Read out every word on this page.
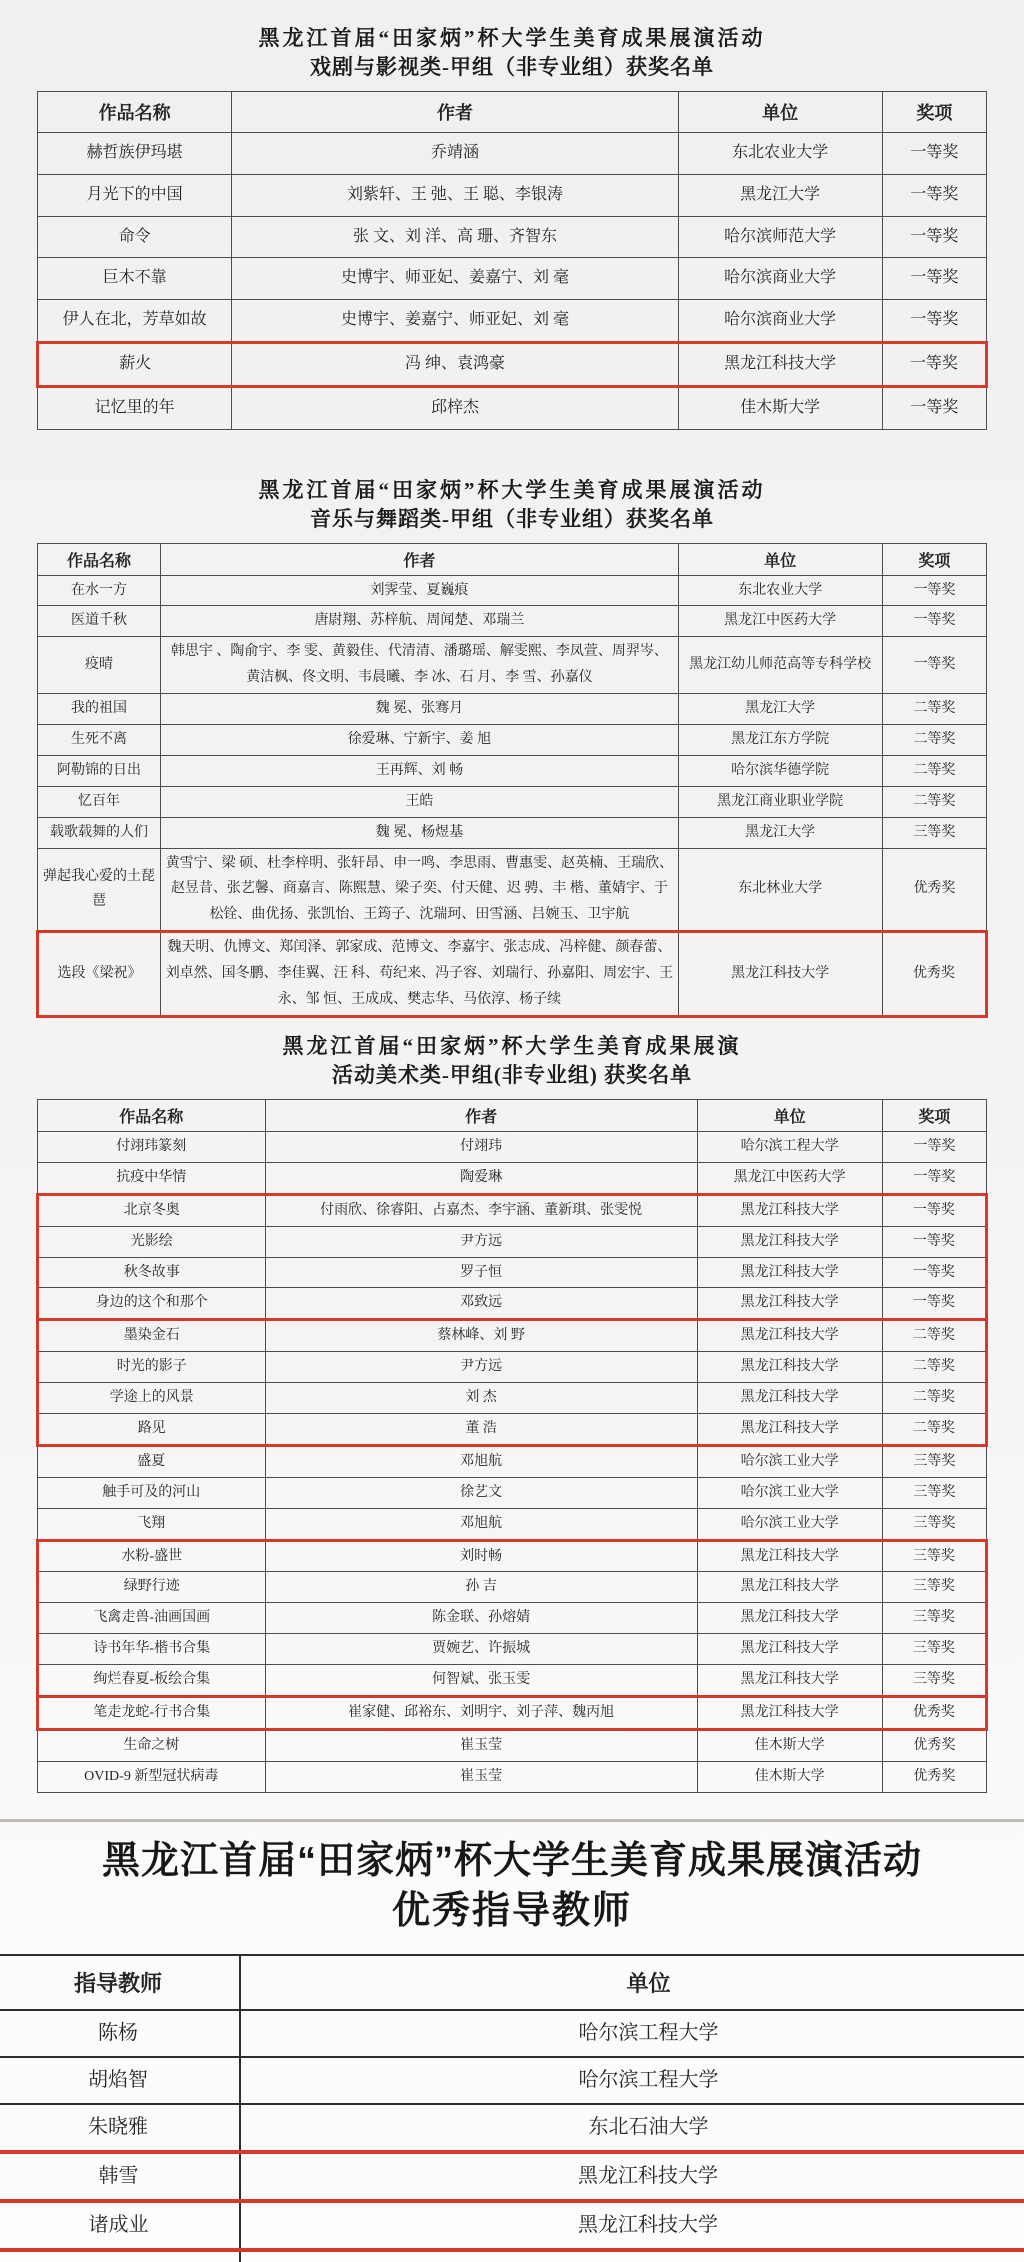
黑龙江首届“田家炳”杯大学生美育成果展演活动
戏剧与影视类-甲组（非专业组）获奖名单
作品名称	作者	单位	奖项
赫哲族伊玛堪	乔靖涵	东北农业大学	一等奖
月光下的中国	刘紫轩、王 弛、王 聪、李银涛	黑龙江大学	一等奖
命令	张 文、刘 洋、高 珊、齐智东	哈尔滨师范大学	一等奖
巨木不靠	史博宇、师亚妃、姜嘉宁、刘 毫	哈尔滨商业大学	一等奖
伊人在北，芳草如故	史博宇、姜嘉宁、师亚妃、刘 毫	哈尔滨商业大学	一等奖
薪火	冯 绅、袁鸿豪	黑龙江科技大学	一等奖
记忆里的年	邱梓杰	佳木斯大学	一等奖
黑龙江首届“田家炳”杯大学生美育成果展演活动
音乐与舞蹈类-甲组（非专业组）获奖名单
作品名称	作者	单位	奖项
在水一方	刘霁莹、夏巍痕	东北农业大学	一等奖
医道千秋	唐尉翔、苏梓航、周闻楚、邓瑞兰	黑龙江中医药大学	一等奖
疫晴	韩思宇 、陶俞宇、李 雯、黄毅佳、代清清、潘璐瑶、解雯熙、李凤萱、周羿岑、黄洁枫、佟文明、韦晨曦、李 冰、石 月、李 雪、孙嘉仪	黑龙江幼儿师范高等专科学校	一等奖
我的祖国	魏 冕、张骞月	黑龙江大学	二等奖
生死不离	徐爱琳、宁新宇、姜 旭	黑龙江东方学院	二等奖
阿勒锦的日出	王再辉、刘 畅	哈尔滨华德学院	二等奖
忆百年	王皓	黑龙江商业职业学院	二等奖
载歌载舞的人们	魏 冕、杨煜基	黑龙江大学	三等奖
弹起我心爱的土琵琶	黄雪宁、梁 硕、杜李梓明、张轩昂、申一鸣、李思雨、曹惠雯、赵英楠、王瑞欣、赵昱昔、张艺馨、商嘉言、陈熙慧、梁子奕、付天健、迟 骋、丰 楷、董婧宇、于松铨、曲优扬、张凯怡、王筠子、沈瑞珂、田雪涵、吕婉玉、卫宇航	东北林业大学	优秀奖
选段《梁祝》	魏天明、仇博文、郑闰泽、郭家成、范博文、李嘉宇、张志成、冯梓健、颜春蕾、刘卓然、国冬鹏、李佳翼、汪 科、苟纪来、冯子容、刘瑞行、孙嘉阳、周宏宇、王 永、邹 恒、王成成、樊志华、马依淳、杨子续	黑龙江科技大学	优秀奖
黑龙江首届“田家炳”杯大学生美育成果展演
活动美术类-甲组(非专业组) 获奖名单
作品名称	作者	单位	奖项
付翊玮篆刻	付翊玮	哈尔滨工程大学	一等奖
抗疫中华情	陶爱琳	黑龙江中医药大学	一等奖
北京冬奥	付雨欣、徐睿阳、占嘉杰、李宇涵、董新琪、张雯悦	黑龙江科技大学	一等奖
光影绘	尹方远	黑龙江科技大学	一等奖
秋冬故事	罗子恒	黑龙江科技大学	一等奖
身边的这个和那个	邓致远	黑龙江科技大学	一等奖
墨染金石	蔡林峰、刘 野	黑龙江科技大学	二等奖
时光的影子	尹方远	黑龙江科技大学	二等奖
学途上的风景	刘 杰	黑龙江科技大学	二等奖
路见	董 浩	黑龙江科技大学	二等奖
盛夏	邓旭航	哈尔滨工业大学	三等奖
触手可及的河山	徐艺文	哈尔滨工业大学	三等奖
飞翔	邓旭航	哈尔滨工业大学	三等奖
水粉-盛世	刘时畅	黑龙江科技大学	三等奖
绿野行迹	孙 吉	黑龙江科技大学	三等奖
飞禽走兽-油画国画	陈金联、孙熔婧	黑龙江科技大学	三等奖
诗书年华-楷书合集	贾婉艺、许振城	黑龙江科技大学	三等奖
绚烂春夏-板绘合集	何智斌、张玉雯	黑龙江科技大学	三等奖
笔走龙蛇-行书合集	崔家健、邱裕东、刘明宇、刘子萍、魏丙旭	黑龙江科技大学	优秀奖
生命之树	崔玉莹	佳木斯大学	优秀奖
OVID-9 新型冠状病毒	崔玉莹	佳木斯大学	优秀奖
黑龙江首届“田家炳”杯大学生美育成果展演活动
优秀指导教师
指导教师	单位
陈杨	哈尔滨工程大学
胡焰智	哈尔滨工程大学
朱晓雅	东北石油大学
韩雪	黑龙江科技大学
诸成业	黑龙江科技大学
